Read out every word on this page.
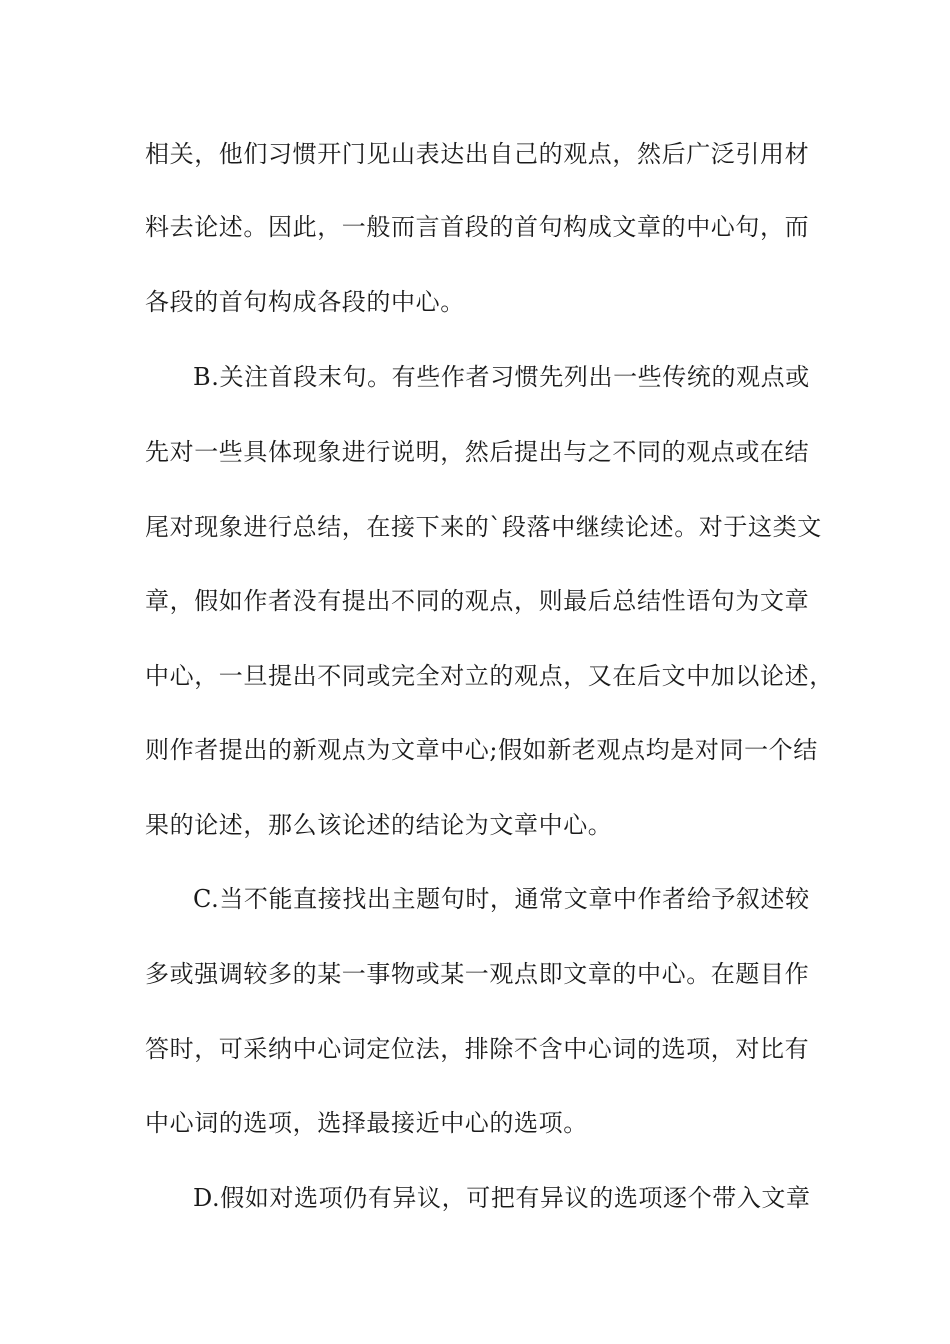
相关，他们习惯开门见山表达出自己的观点，然后广泛引用材
料去论述。因此，一般而言首段的首句构成文章的中心句，而
各段的首句构成各段的中心。
B.关注首段末句。有些作者习惯先列出一些传统的观点或
先对一些具体现象进行说明，然后提出与之不同的观点或在结
尾对现象进行总结，在接下来的`段落中继续论述。对于这类文
章，假如作者没有提出不同的观点，则最后总结性语句为文章
中心，一旦提出不同或完全对立的观点，又在后文中加以论述，
则作者提出的新观点为文章中心;假如新老观点均是对同一个结
果的论述，那么该论述的结论为文章中心。
C.当不能直接找出主题句时，通常文章中作者给予叙述较
多或强调较多的某一事物或某一观点即文章的中心。在题目作
答时，可采纳中心词定位法，排除不含中心词的选项，对比有
中心词的选项，选择最接近中心的选项。
D.假如对选项仍有异议，可把有异议的选项逐个带入文章
